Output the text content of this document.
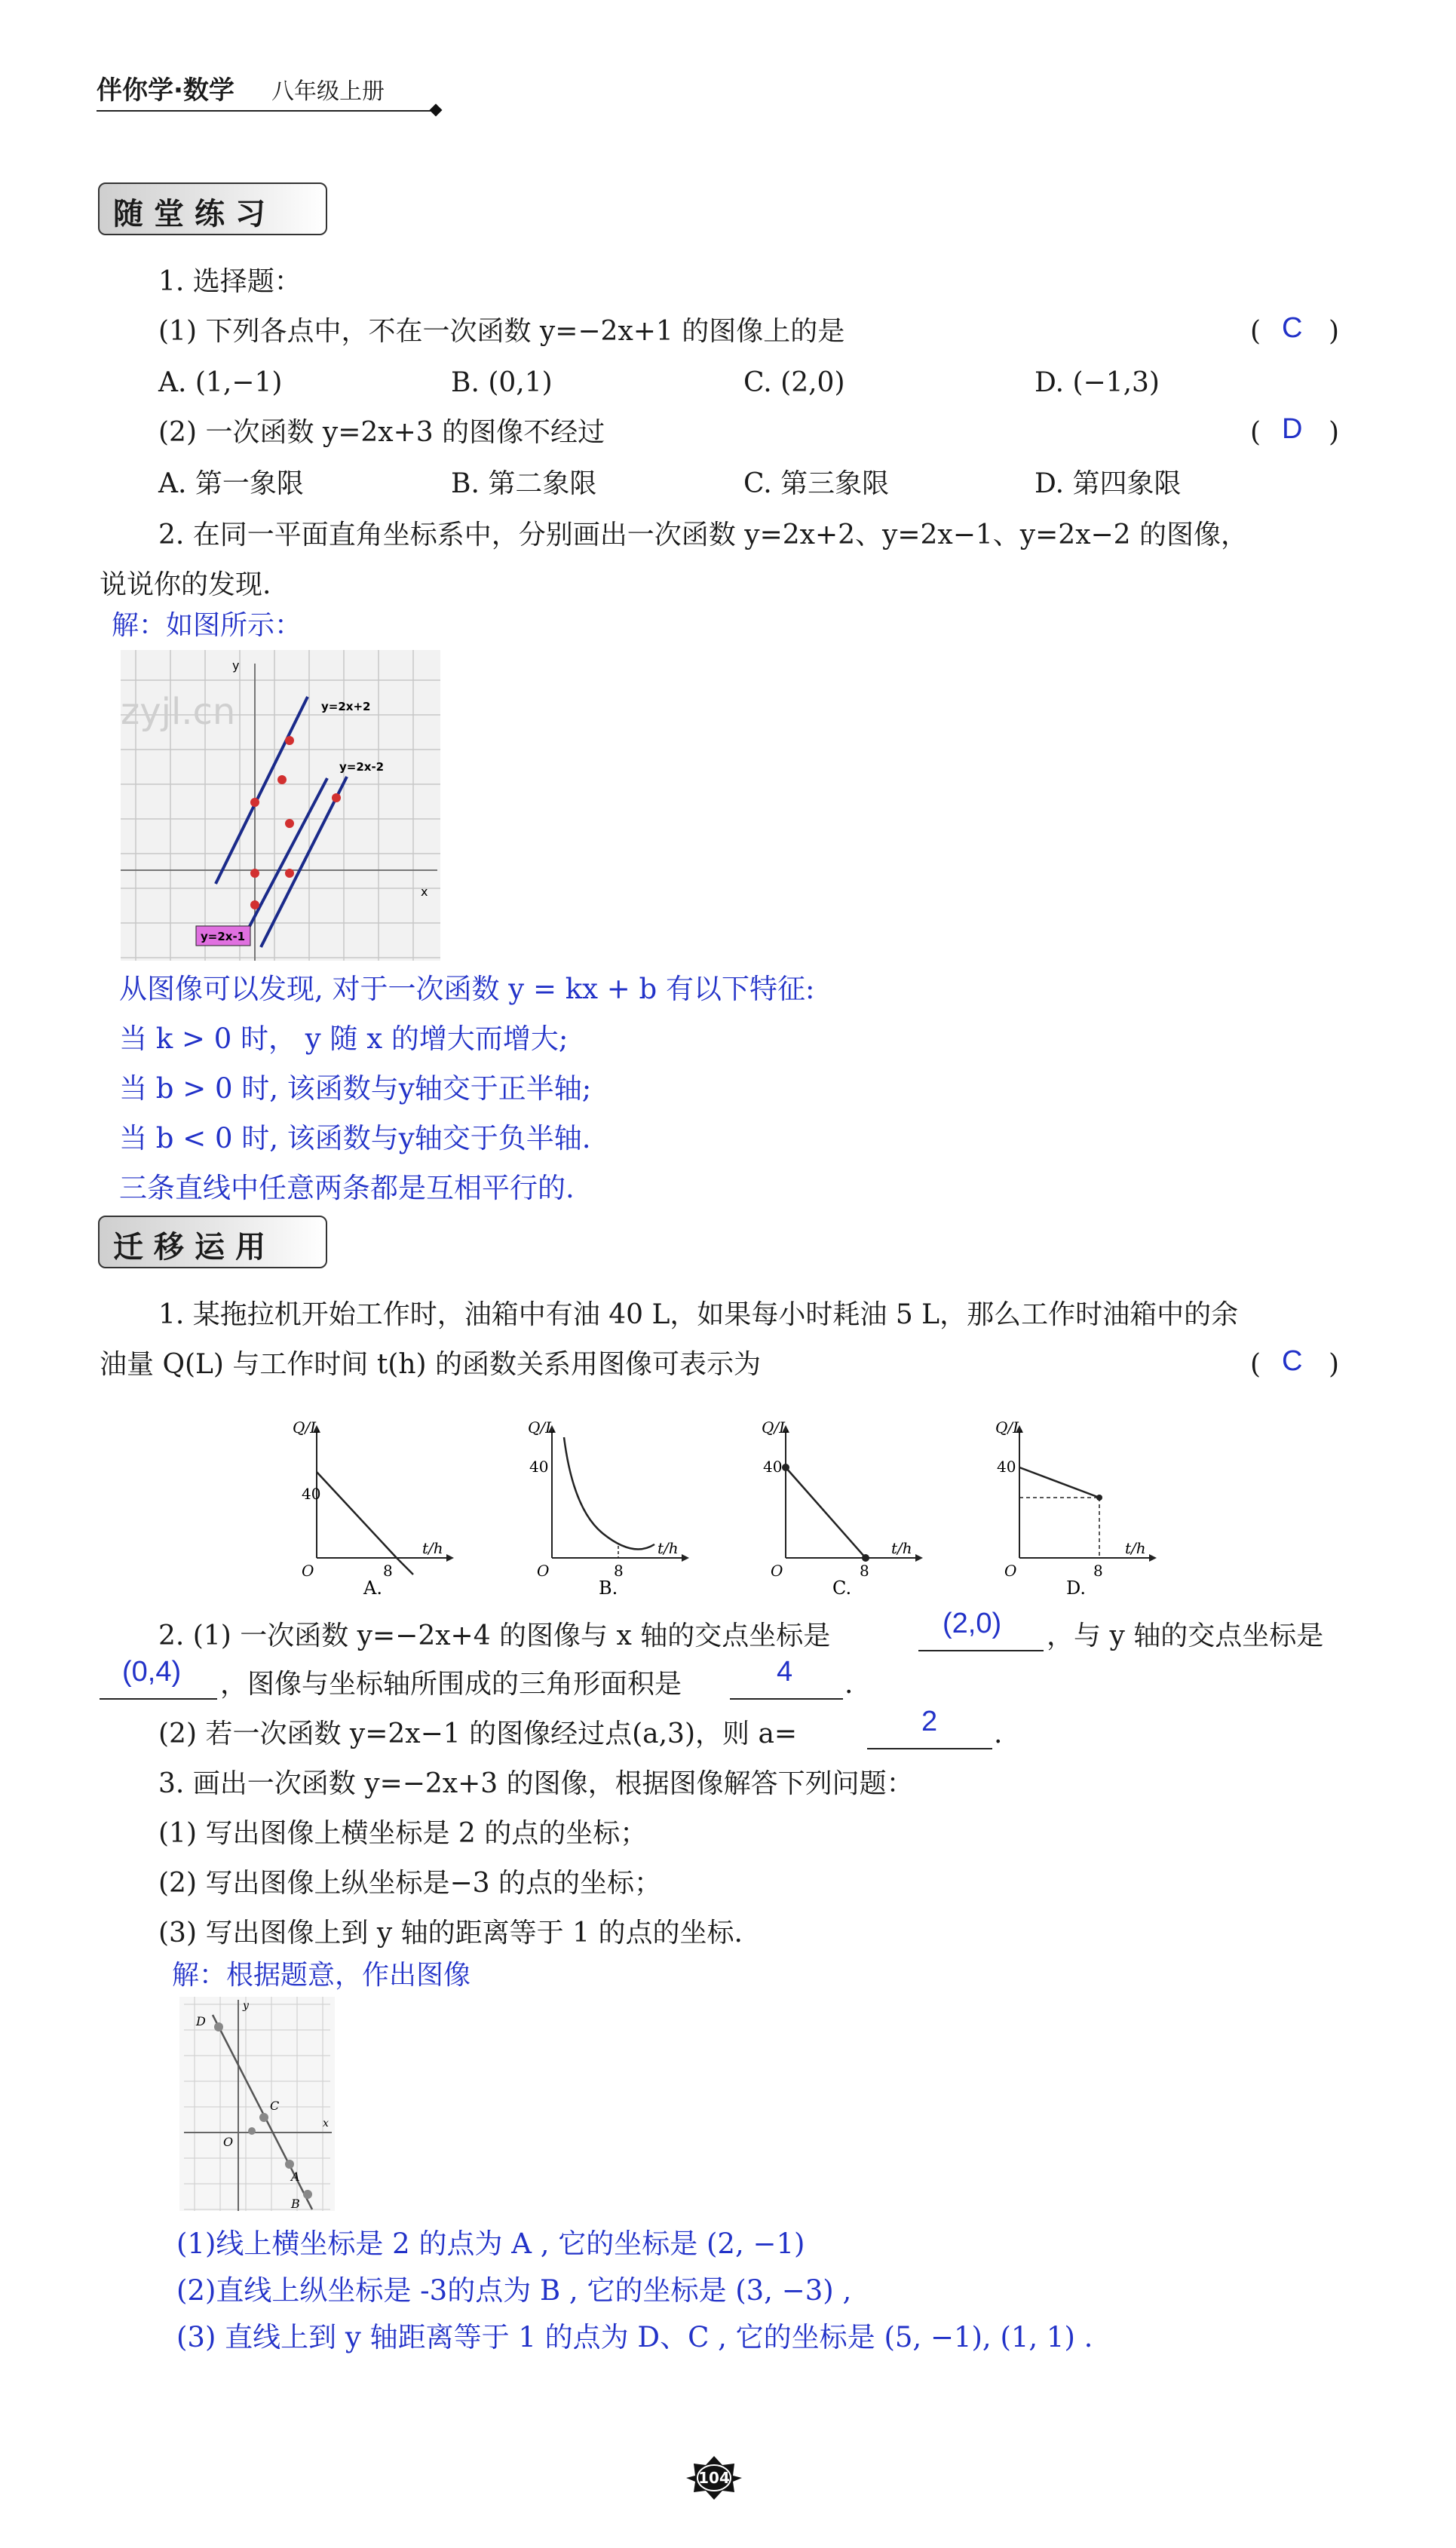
伴你学·数学 八年级上册
随堂练习
1. 选择题：
(1) 下列各点中，不在一次函数 y=−2x+1 的图像上的是	( C )
A. (1,−1)	B. (0,1)	C. (2,0)	D. (−1,3)
(2) 一次函数 y=2x+3 的图像不经过	( D )
A. 第一象限	B. 第二象限	C. 第三象限	D. 第四象限
2. 在同一平面直角坐标系中，分别画出一次函数 y=2x+2、y=2x−1、y=2x−2 的图像，
说说你的发现.
解：如图所示：
y=2x+2
y=2x-2
y=2x-1
x
y
zyjl.cn
从图像可以发现, 对于一次函数 y = kx + b 有以下特征:
当 k > 0 时， y 随 x 的增大而增大;
当 b > 0 时, 该函数与y轴交于正半轴;
当 b < 0 时, 该函数与y轴交于负半轴.
三条直线中任意两条都是互相平行的.
迁移运用
1. 某拖拉机开始工作时，油箱中有油 40 L，如果每小时耗油 5 L，那么工作时油箱中的余
油量 Q(L) 与工作时间 t(h) 的函数关系用图像可表示为	( C )
Q/L
t/h
40
8
O
A.
Q/L
t/h
40
8
O
B.
Q/L
t/h
40
8
O
C.
Q/L
t/h
40
8
O
D.
2. (1) 一次函数 y=−2x+4 的图像与 x 轴的交点坐标是	(2,0) ，与 y 轴的交点坐标是
(0,4) ，图像与坐标轴所围成的三角形面积是	4 .
(2) 若一次函数 y=2x−1 的图像经过点(a,3)，则 a=	2 .
3. 画出一次函数 y=−2x+3 的图像，根据图像解答下列问题：
(1) 写出图像上横坐标是 2 的点的坐标；
(2) 写出图像上纵坐标是−3 的点的坐标；
(3) 写出图像上到 y 轴的距离等于 1 的点的坐标.
解：根据题意，作出图像
D
C
A
B
O
x
y
(1)线上横坐标是 2 的点为 A , 它的坐标是 (2, −1)
(2)直线上纵坐标是 -3的点为 B , 它的坐标是 (3, −3) ,
(3) 直线上到 y 轴距离等于 1 的点为 D、C , 它的坐标是 (5, −1), (1, 1) .
104
